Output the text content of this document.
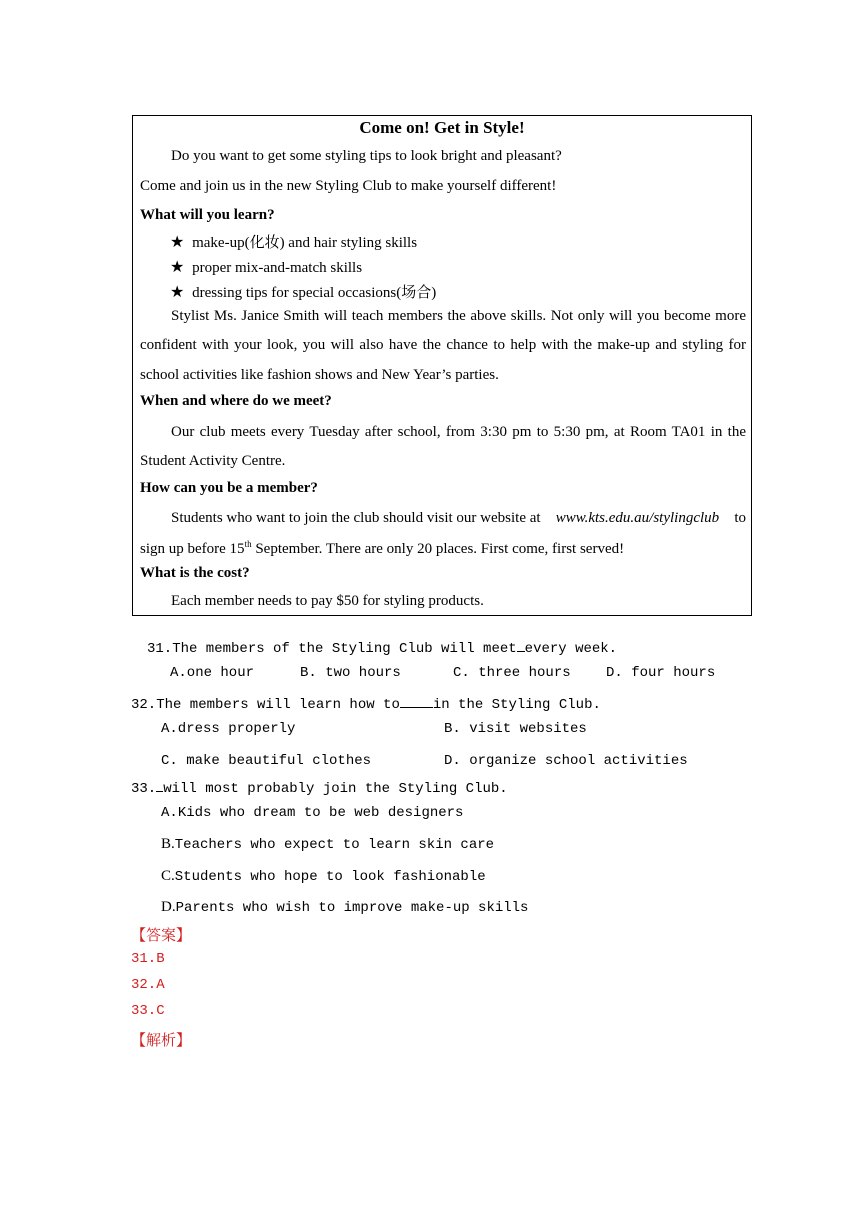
Come on! Get in Style!
Do you want to get some styling tips to look bright and pleasant?
Come and join us in the new Styling Club to make yourself different!
What will you learn?
★ make-up(化妆) and hair styling skills
★ proper mix-and-match skills
★ dressing tips for special occasions(场合)
Stylist Ms. Janice Smith will teach members the above skills. Not only will you become more
confident with your look, you will also have the chance to help with the make-up and styling for
school activities like fashion shows and New Year’s parties.
When and where do we meet?
Our club meets every Tuesday after school, from 3:30 pm to 5:30 pm, at Room TA01 in the
Student Activity Centre.
How can you be a member?
Students who want to join the club should visit our website at www.kts.edu.au/stylingclub to
sign up before 15th September. There are only 20 places. First come, first served!
What is the cost?
Each member needs to pay $50 for styling products.
31.The members of the Styling Club will meet every week.
A.one hour	B. two hours	C. three hours	D. four hours
32.The members will learn how to in the Styling Club.
A.dress properly	B. visit websites
C. make beautiful clothes	D. organize school activities
33. will most probably join the Styling Club.
A.Kids who dream to be web designers
B.Teachers who expect to learn skin care
C.Students who hope to look fashionable
D.Parents who wish to improve make-up skills
【答案】
31.B
32.A
33.C
【解析】
